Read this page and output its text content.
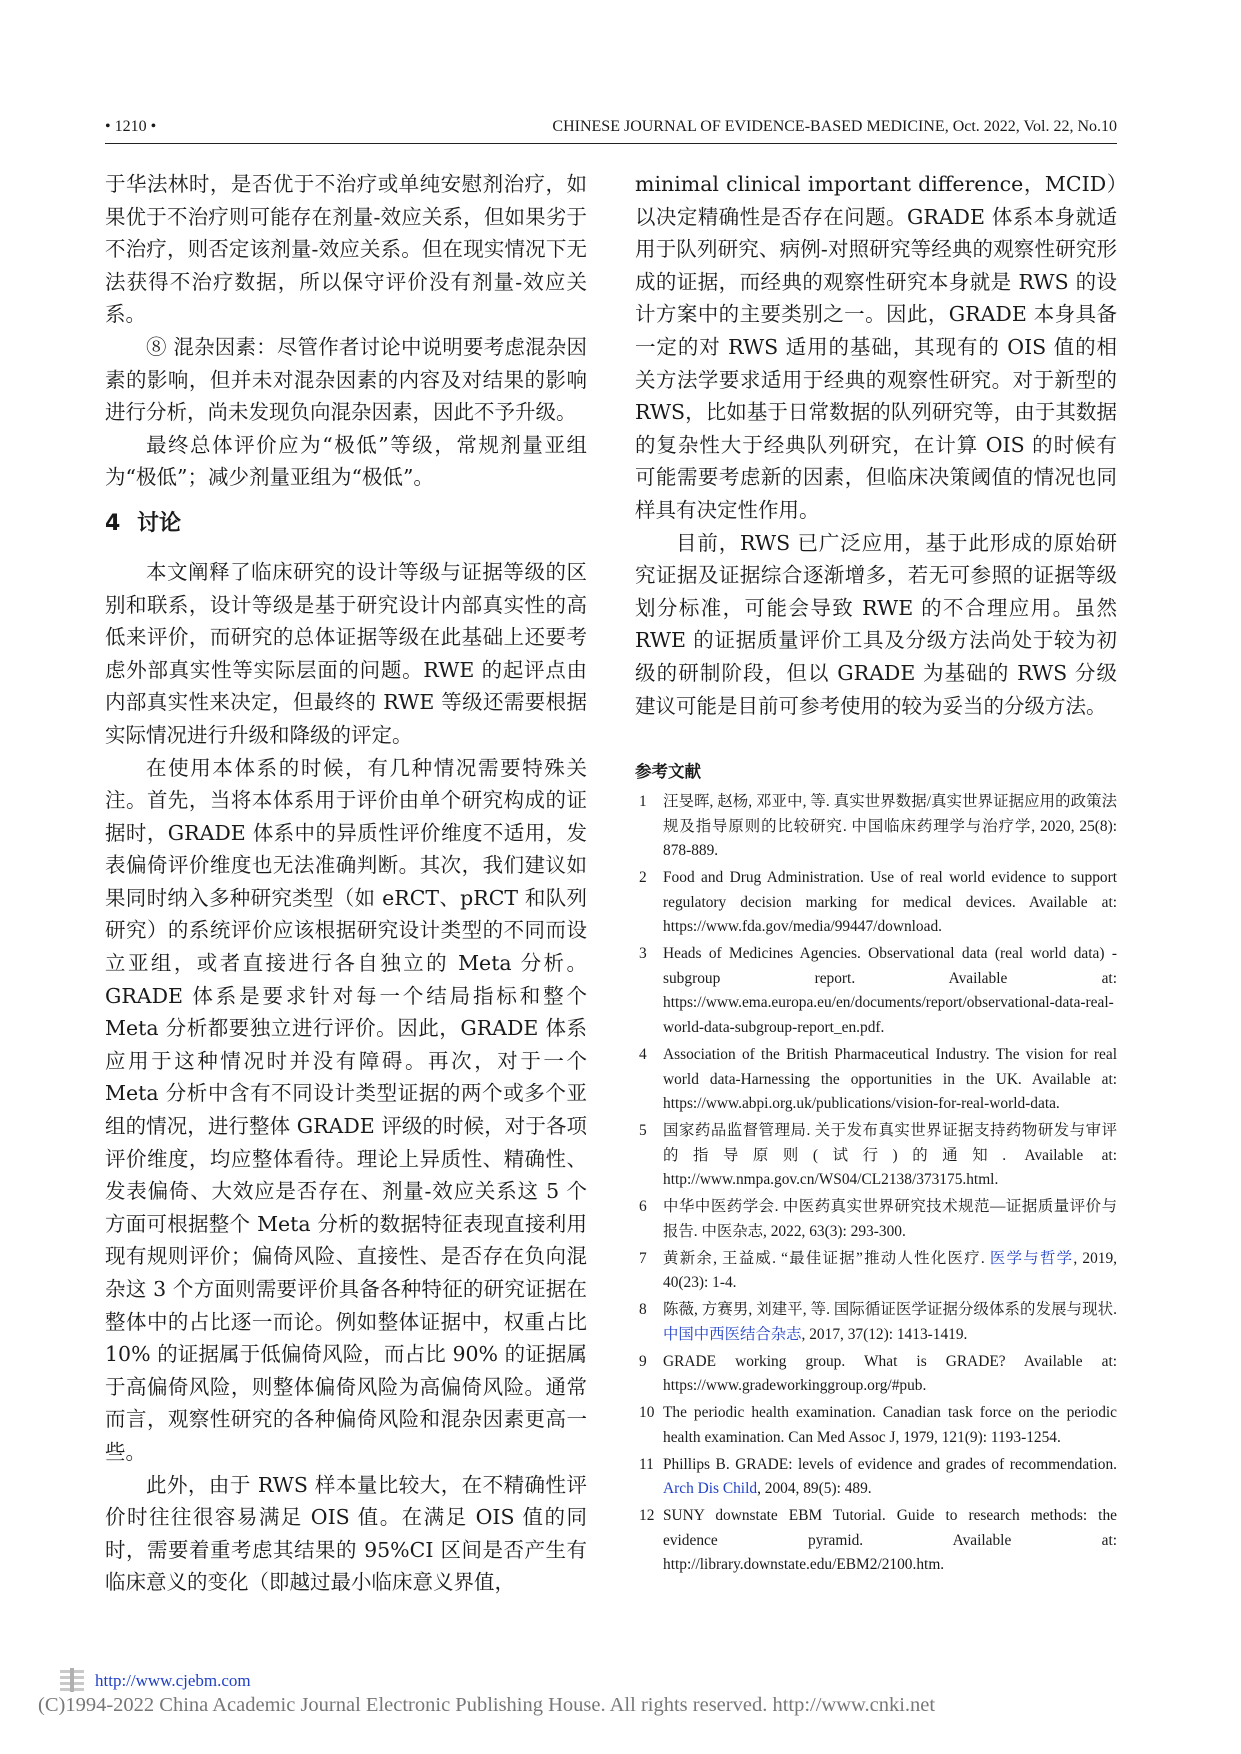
• 1210 •	CHINESE JOURNAL OF EVIDENCE-BASED MEDICINE, Oct. 2022, Vol. 22, No.10

于华法林时，是否优于不治疗或单纯安慰剂治疗，如果优于不治疗则可能存在剂量-效应关系，但如果劣于不治疗，则否定该剂量-效应关系。但在现实情况下无法获得不治疗数据，所以保守评价没有剂量-效应关系。

⑧ 混杂因素：尽管作者讨论中说明要考虑混杂因素的影响，但并未对混杂因素的内容及对结果的影响进行分析，尚未发现负向混杂因素，因此不予升级。

最终总体评价应为“极低”等级，常规剂量亚组为“极低”；减少剂量亚组为“极低”。

4 讨论

本文阐释了临床研究的设计等级与证据等级的区别和联系，设计等级是基于研究设计内部真实性的高低来评价，而研究的总体证据等级在此基础上还要考虑外部真实性等实际层面的问题。RWE 的起评点由内部真实性来决定，但最终的 RWE 等级还需要根据实际情况进行升级和降级的评定。

在使用本体系的时候，有几种情况需要特殊关注。首先，当将本体系用于评价由单个研究构成的证据时，GRADE 体系中的异质性评价维度不适用，发表偏倚评价维度也无法准确判断。其次，我们建议如果同时纳入多种研究类型（如 eRCT、pRCT 和队列研究）的系统评价应该根据研究设计类型的不同而设立亚组，或者直接进行各自独立的 Meta 分析。GRADE 体系是要求针对每一个结局指标和整个 Meta 分析都要独立进行评价。因此，GRADE 体系应用于这种情况时并没有障碍。再次，对于一个 Meta 分析中含有不同设计类型证据的两个或多个亚组的情况，进行整体 GRADE 评级的时候，对于各项评价维度，均应整体看待。理论上异质性、精确性、发表偏倚、大效应是否存在、剂量-效应关系这 5 个方面可根据整个 Meta 分析的数据特征表现直接利用现有规则评价；偏倚风险、直接性、是否存在负向混杂这 3 个方面则需要评价具备各种特征的研究证据在整体中的占比逐一而论。例如整体证据中，权重占比 10% 的证据属于低偏倚风险，而占比 90% 的证据属于高偏倚风险，则整体偏倚风险为高偏倚风险。通常而言，观察性研究的各种偏倚风险和混杂因素更高一些。

此外，由于 RWS 样本量比较大，在不精确性评价时往往很容易满足 OIS 值。在满足 OIS 值的同时，需要着重考虑其结果的 95%CI 区间是否产生有临床意义的变化（即越过最小临床意义界值，

minimal clinical important difference，MCID）以决定精确性是否存在问题。GRADE 体系本身就适用于队列研究、病例-对照研究等经典的观察性研究形成的证据，而经典的观察性研究本身就是 RWS 的设计方案中的主要类别之一。因此，GRADE 本身具备一定的对 RWS 适用的基础，其现有的 OIS 值的相关方法学要求适用于经典的观察性研究。对于新型的 RWS，比如基于日常数据的队列研究等，由于其数据的复杂性大于经典队列研究，在计算 OIS 的时候有可能需要考虑新的因素，但临床决策阈值的情况也同样具有决定性作用。

目前，RWS 已广泛应用，基于此形成的原始研究证据及证据综合逐渐增多，若无可参照的证据等级划分标准，可能会导致 RWE 的不合理应用。虽然 RWE 的证据质量评价工具及分级方法尚处于较为初级的研制阶段，但以 GRADE 为基础的 RWS 分级建议可能是目前可参考使用的较为妥当的分级方法。

参考文献
1	汪旻晖, 赵杨, 邓亚中, 等. 真实世界数据/真实世界证据应用的政策法规及指导原则的比较研究. 中国临床药理学与治疗学, 2020, 25(8): 878-889.
2	Food and Drug Administration. Use of real world evidence to support regulatory decision marking for medical devices. Available at: https://www.fda.gov/media/99447/download.
3	Heads of Medicines Agencies. Observational data (real world data) -subgroup report. Available at: https://www.ema.europa.eu/en/documents/report/observational-data-real-world-data-subgroup-report_en.pdf.
4	Association of the British Pharmaceutical Industry. The vision for real world data-Harnessing the opportunities in the UK. Available at: https://www.abpi.org.uk/publications/vision-for-real-world-data.
5	国家药品监督管理局. 关于发布真实世界证据支持药物研发与审评的指导原则(试行)的通知. Available at: http://www.nmpa.gov.cn/WS04/CL2138/373175.html.
6	中华中医药学会. 中医药真实世界研究技术规范—证据质量评价与报告. 中医杂志, 2022, 63(3): 293-300.
7	黄新余, 王益威. “最佳证据”推动人性化医疗. 医学与哲学, 2019, 40(23): 1-4.
8	陈薇, 方赛男, 刘建平, 等. 国际循证医学证据分级体系的发展与现状. 中国中西医结合杂志, 2017, 37(12): 1413-1419.
9	GRADE working group. What is GRADE? Available at: https://www.gradeworkinggroup.org/#pub.
10 The periodic health examination. Canadian task force on the periodic health examination. Can Med Assoc J, 1979, 121(9): 1193-1254.
11 Phillips B. GRADE: levels of evidence and grades of recommendation. Arch Dis Child, 2004, 89(5): 489.
12 SUNY downstate EBM Tutorial. Guide to research methods: the evidence pyramid. Available at: http://library.downstate.edu/EBM2/2100.htm.
http://www.cjebm.com
(C)1994-2022 China Academic Journal Electronic Publishing House. All rights reserved. http://www.cnki.net
